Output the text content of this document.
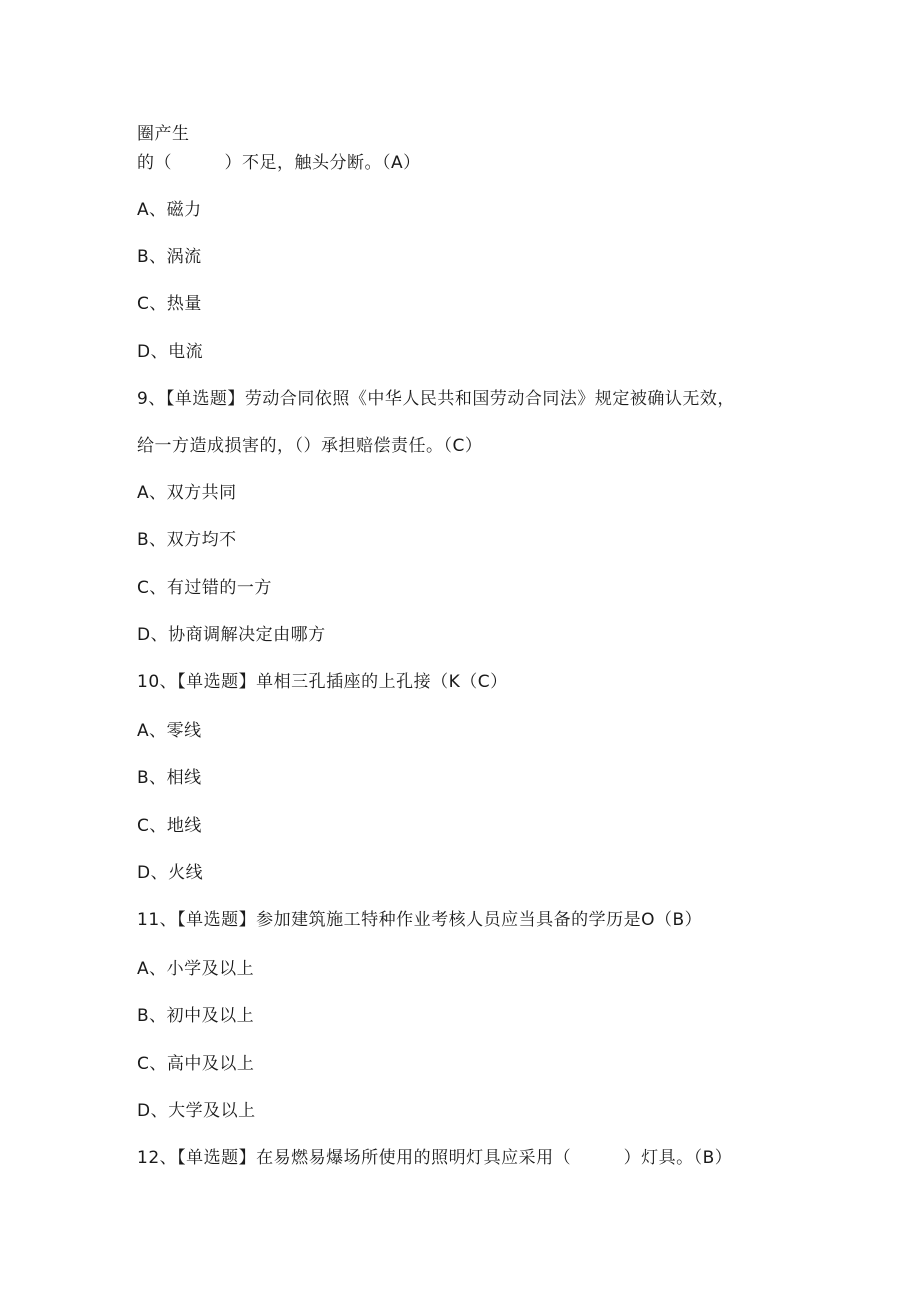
圈产生
的（　　　）不足，触头分断。（A）
A、磁力
B、涡流
C、热量
D、电流
9、【单选题】劳动合同依照《中华人民共和国劳动合同法》规定被确认无效，
给一方造成损害的，（）承担赔偿责任。（C）
A、双方共同
B、双方均不
C、有过错的一方
D、协商调解决定由哪方
10、【单选题】单相三孔插座的上孔接（K（C）
A、零线
B、相线
C、地线
D、火线
11、【单选题】参加建筑施工特种作业考核人员应当具备的学历是O（B）
A、小学及以上
B、初中及以上
C、高中及以上
D、大学及以上
12、【单选题】在易燃易爆场所使用的照明灯具应采用（　　　）灯具。（B）
